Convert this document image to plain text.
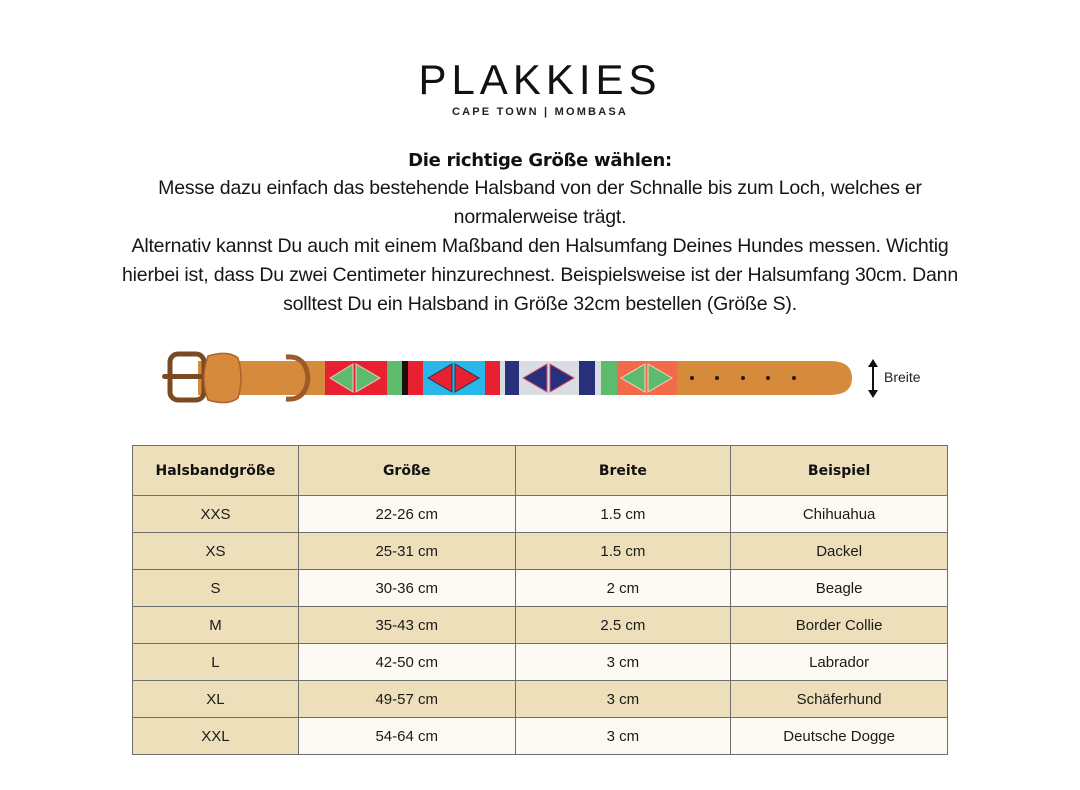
PLAKKIES
CAPE TOWN | MOMBASA
Die richtige Größe wählen:
Messe dazu einfach das bestehende Halsband von der Schnalle bis zum Loch, welches er
normalerweise trägt.
Alternativ kannst Du auch mit einem Maßband den Halsumfang Deines Hundes messen. Wichtig
hierbei ist, dass Du zwei Centimeter hinzurechnest. Beispielsweise ist der Halsumfang 30cm. Dann
solltest Du ein Halsband in Größe 32cm bestellen (Größe S).
Breite
Halsbandgröße	Größe	Breite	Beispiel
XXS	22-26 cm	1.5 cm	Chihuahua
XS	25-31 cm	1.5 cm	Dackel
S	30-36 cm	2 cm	Beagle
M	35-43 cm	2.5 cm	Border Collie
L	42-50 cm	3 cm	Labrador
XL	49-57 cm	3 cm	Schäferhund
XXL	54-64 cm	3 cm	Deutsche Dogge
